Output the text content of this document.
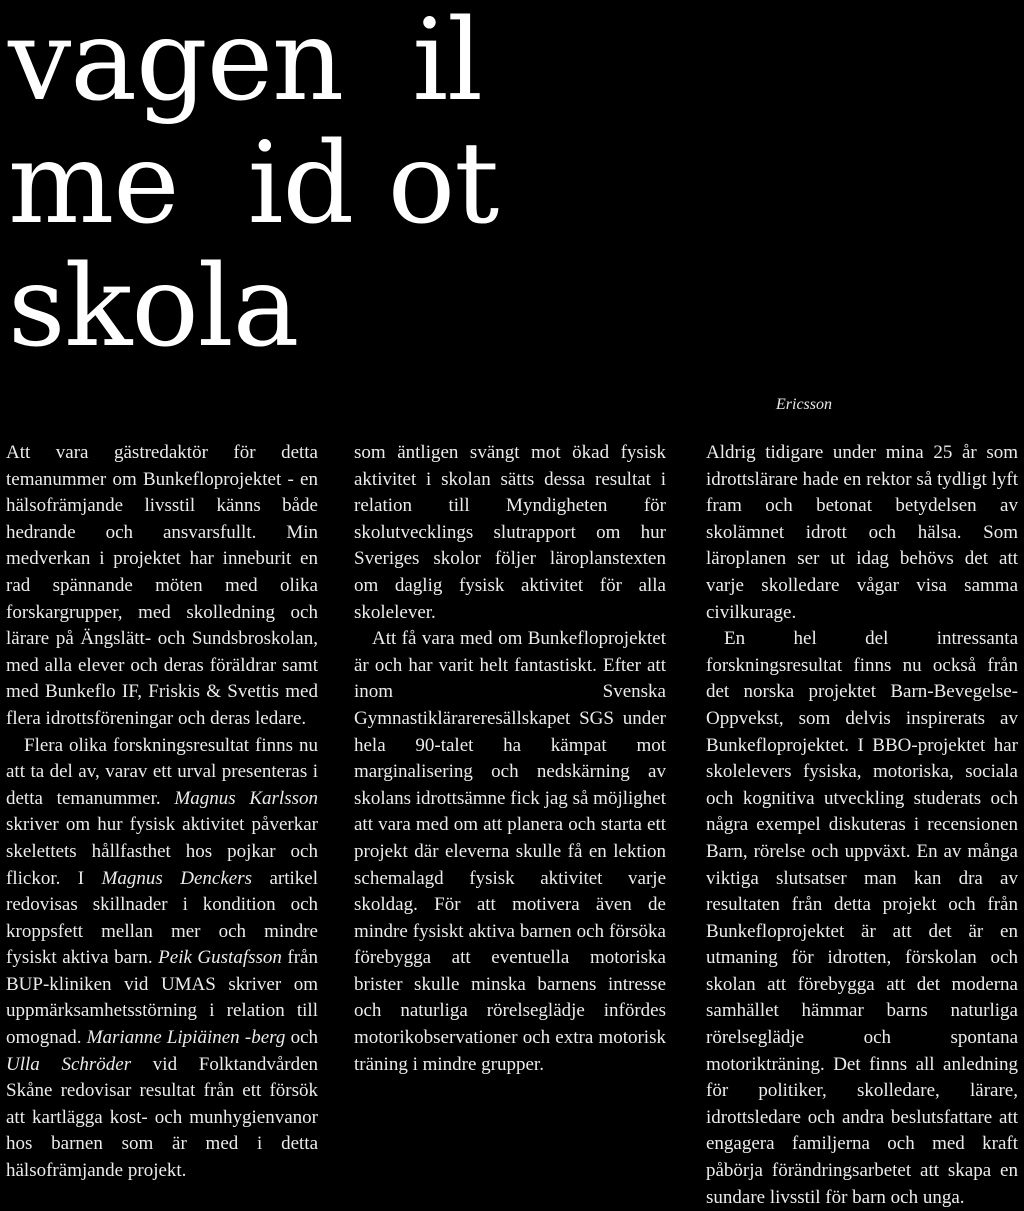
vagen  il
me  id ot
skola
Ericsson

Att vara gästredaktör för detta temanummer om Bunkefloprojektet - en hälsofrämjande livsstil känns både hedrande och ansvarsfullt. Min medverkan i projektet har inneburit en rad spännande möten med olika forskargrupper, med skolledning och lärare på Ängslätt- och Sundsbroskolan, med alla elever och deras föräldrar samt med Bunkeflo IF, Friskis & Svettis med flera idrottsföreningar och deras ledare.

Flera olika forskningsresultat finns nu att ta del av, varav ett urval presenteras i detta temanummer. Magnus Karlsson skriver om hur fysisk aktivitet påverkar skelettets hållfasthet hos pojkar och flickor. I Magnus Denckers artikel redovisas skillnader i kondition och kroppsfett mellan mer och mindre fysiskt aktiva barn. Peik Gustafsson från BUP-kliniken vid UMAS skriver om uppmärksamhetsstörning i relation till omognad. Marianne Lipiäinen -berg och Ulla Schröder vid Folktandvården Skåne redovisar resultat från ett försök att kartlägga kost- och munhygienvanor hos barnen som är med i detta hälsofrämjande projekt.

som äntligen svängt mot ökad fysisk aktivitet i skolan sätts dessa resultat i relation till Myndigheten för skolutvecklings slutrapport om hur Sveriges skolor följer läroplanstexten om daglig fysisk aktivitet för alla skolelever.

Att få vara med om Bunkefloprojektet är och har varit helt fantastiskt. Efter att inom Svenska Gymnastiklärareresällskapet SGS under hela 90-talet ha kämpat mot marginalisering och nedskärning av skolans idrottsämne fick jag så möjlighet att vara med om att planera och starta ett projekt där eleverna skulle få en lektion schemalagd fysisk aktivitet varje skoldag. För att motivera även de mindre fysiskt aktiva barnen och försöka förebygga att eventuella motoriska brister skulle minska barnens intresse och naturliga rörelseglädje infördes motorikobservationer och extra motorisk träning i mindre grupper.

Aldrig tidigare under mina 25 år som idrottslärare hade en rektor så tydligt lyft fram och betonat betydelsen av skolämnet idrott och hälsa. Som läroplanen ser ut idag behövs det att varje skolledare vågar visa samma civilkurage.

En hel del intressanta forskningsresultat finns nu också från det norska projektet Barn-Bevegelse-Oppvekst, som delvis inspirerats av Bunkefloprojektet. I BBO-projektet har skolelevers fysiska, motoriska, sociala och kognitiva utveckling studerats och några exempel diskuteras i recensionen Barn, rörelse och uppväxt. En av många viktiga slutsatser man kan dra av resultaten från detta projekt och från Bunkefloprojektet är att det är en utmaning för idrotten, förskolan och skolan att förebygga att det moderna samhället hämmar barns naturliga rörelseglädje och spontana motorikträning. Det finns all anledning för politiker, skolledare, lärare, idrottsledare och andra beslutsfattare att engagera familjerna och med kraft påbörja förändringsarbetet att skapa en sundare livsstil för barn och unga.
